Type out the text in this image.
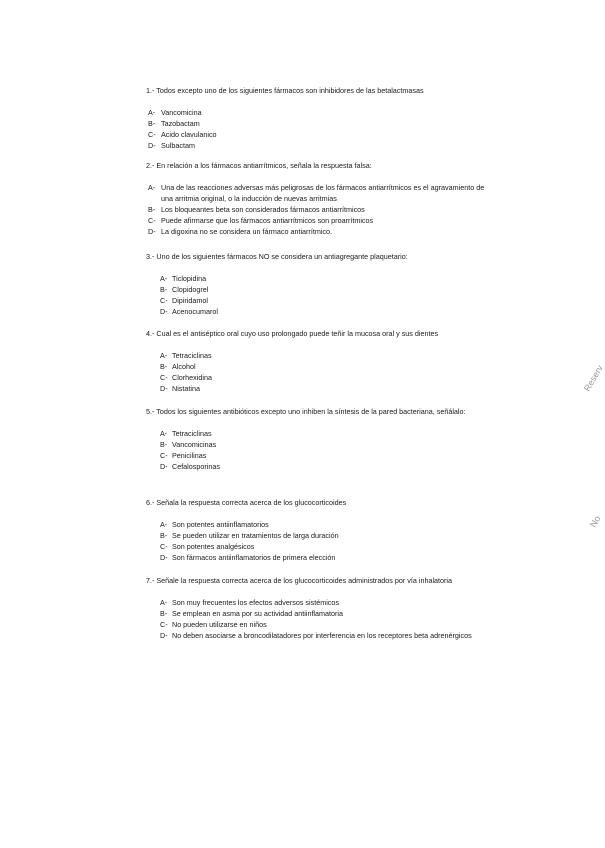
1.- Todos excepto uno de los siguientes fármacos son inhibidores de las betalactmasas

A- Vancomicina
B- Tazobactam
C- Acido clavulanico
D- Sulbactam

2.- En relación a los fármacos antiarrítmicos, señala la respuesta falsa:

A- Una de las reacciones adversas más peligrosas de los fármacos antiarrítmicos es el agravamiento de una arritmia original, o la inducción de nuevas arritmias
B- Los bloqueantes beta son considerados fármacos antiarrítmicos
C- Puede afirmarse que los fármacos antiarrítmicos son proarrítmicos
D- La digoxina no se considera un fármaco antiarrítmico.

3.- Uno de los siguientes fármacos NO se considera un antiagregante plaquetario:

A- Ticlopidina
B- Clopidogrel
C- Dipiridamol
D- Acenocumarol

4.- Cual es el antiséptico oral cuyo uso prolongado puede teñir la mucosa oral y sus dientes

A- Tetraciclinas
B- Alcohol
C- Clorhexidina
D- Nistatina

5.- Todos los siguientes antibióticos excepto uno inhiben la síntesis de la pared bacteriana, señálalo:

A- Tetraciclinas
B- Vancomicinas
C- Penicilinas
D- Cefalosporinas

6.- Señala la respuesta correcta acerca de los glucocorticoides

A- Son potentes antiinflamatorios
B- Se pueden utilizar en tratamientos de larga duración
C- Son potentes analgésicos
D- Son fármacos antiinflamatorios de primera elección

7.- Señale la respuesta correcta acerca de los glucocorticoides administrados por vía inhalatoria

A- Son muy frecuentes los efectos adversos sistémicos
B- Se emplean en asma por su actividad antiinflamatoria
C- No pueden utilizarse en niños
D- No deben asociarse a broncodilatadores por interferencia en los receptores beta adrenérgicos
Reserv
No
